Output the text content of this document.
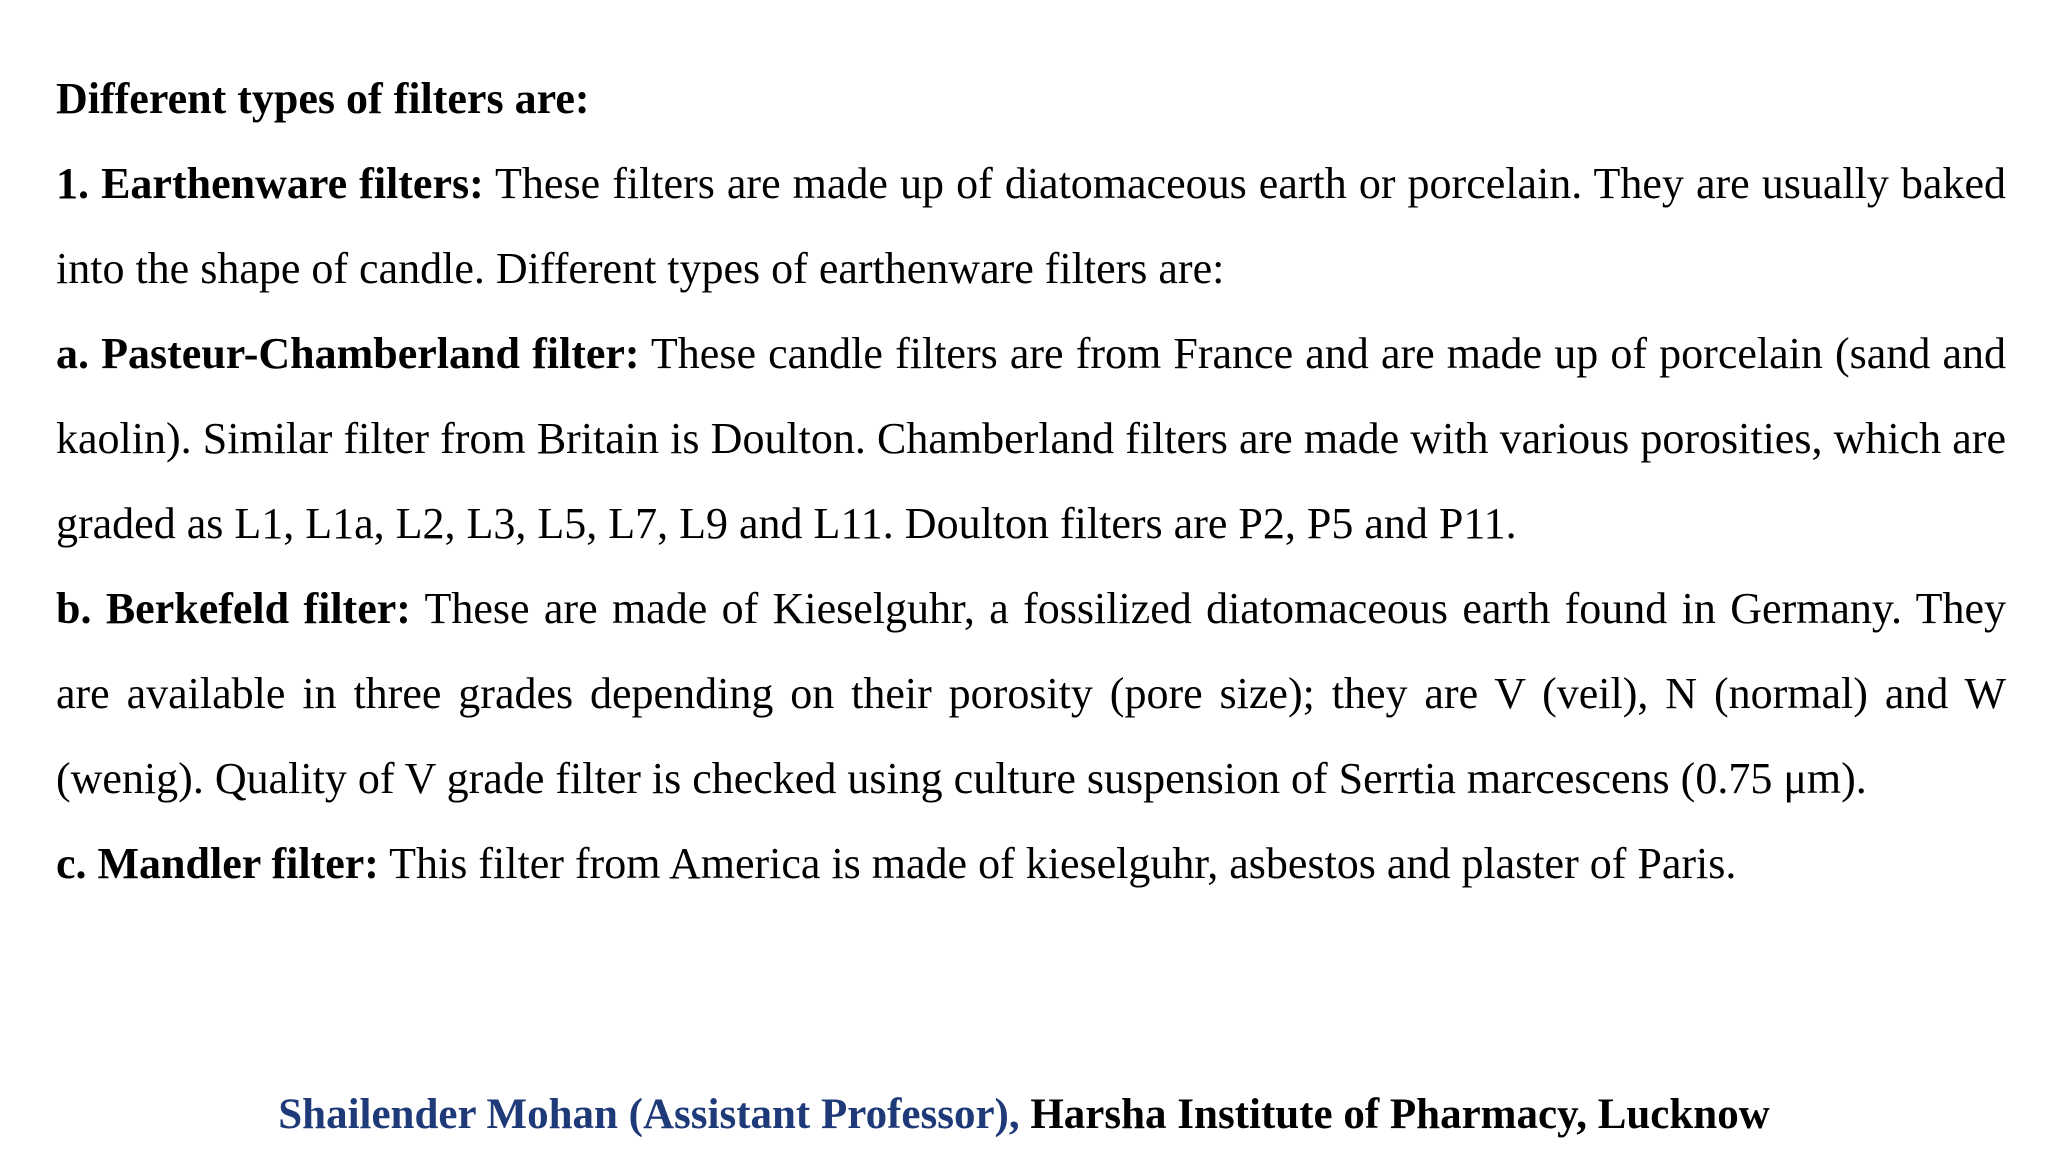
Different types of filters are:

1. Earthenware filters: These filters are made up of diatomaceous earth or porcelain. They are usually baked into the shape of candle. Different types of earthenware filters are:

a. Pasteur-Chamberland filter: These candle filters are from France and are made up of porcelain (sand and kaolin). Similar filter from Britain is Doulton. Chamberland filters are made with various porosities, which are graded as L1, L1a, L2, L3, L5, L7, L9 and L11. Doulton filters are P2, P5 and P11.

b. Berkefeld filter: These are made of Kieselguhr, a fossilized diatomaceous earth found in Germany. They are available in three grades depending on their porosity (pore size); they are V (veil), N (normal) and W (wenig). Quality of V grade filter is checked using culture suspension of Serrtia marcescens (0.75 μm).

c. Mandler filter: This filter from America is made of kieselguhr, asbestos and plaster of Paris.

Shailender Mohan (Assistant Professor), Harsha Institute of Pharmacy, Lucknow
